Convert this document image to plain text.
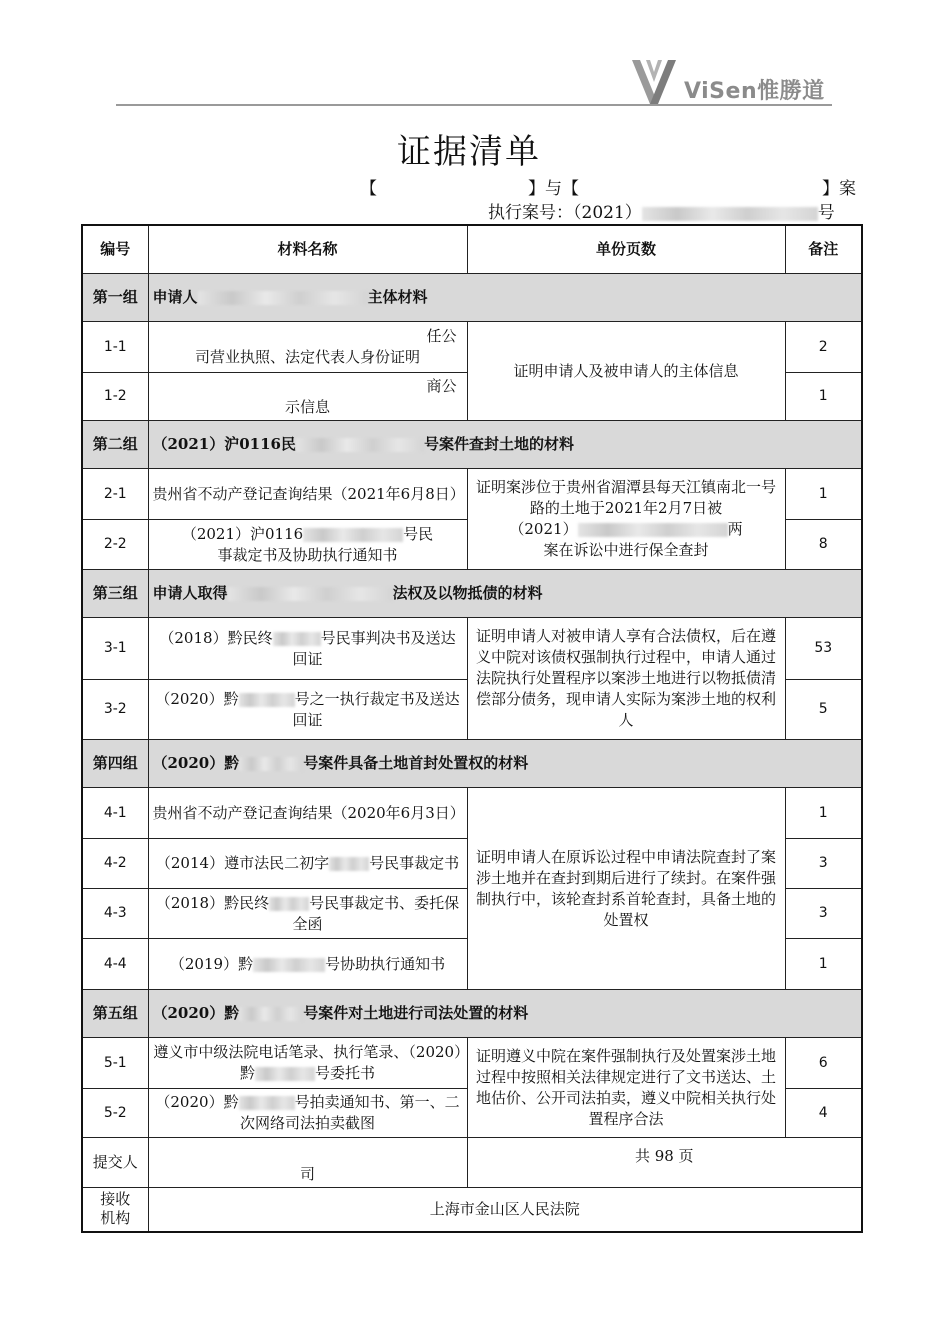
ViSen惟勝道
证据清单
【	】与【	】案
执行案号：（2021）	号
编号	材料名称	单份页数	备注
第一组	申请人 主体材料		
1-1	任公
司营业执照、法定代表人身份证明	证明申请人及被申请人的主体信息	2
1-2	商公
示信息		1
第二组	（2021）沪0116民 号案件查封土地的材料		
2-1	贵州省不动产登记查询结果（2021年6月8日）	证明案涉位于贵州省湄潭县每天江镇南北一号路的土地于2021年2月7日被
（2021） 两
案在诉讼中进行保全查封	1
2-2	（2021）沪0116 号民
事裁定书及协助执行通知书		8
第三组	申请人取得 法权及以物抵债的材料		
3-1	（2018）黔民终 号民事判决书及送达回证	证明申请人对被申请人享有合法债权，后在遵义中院对该债权强制执行过程中，申请人通过法院执行处置程序以案涉土地进行以物抵债清偿部分债务，现申请人实际为案涉土地的权利人	53
3-2	（2020）黔 号之一执行裁定书及送达回证		5
第四组	（2020）黔 号案件具备土地首封处置权的材料		
4-1	贵州省不动产登记查询结果（2020年6月3日）	证明申请人在原诉讼过程中申请法院查封了案涉土地并在查封到期后进行了续封。在案件强制执行中，该轮查封系首轮查封，具备土地的处置权	1
4-2	（2014）遵市法民二初字 号民事裁定书		3
4-3	（2018）黔民终 号民事裁定书、委托保全函		3
4-4	（2019）黔 号协助执行通知书		1
第五组	（2020）黔 号案件对土地进行司法处置的材料		
5-1	遵义市中级法院电话笔录、执行笔录、（2020）黔 号委托书	证明遵义中院在案件强制执行及处置案涉土地过程中按照相关法律规定进行了文书送达、土地估价、公开司法拍卖，遵义中院相关执行处置程序合法	6
5-2	（2020）黔 号拍卖通知书、第一、二次网络司法拍卖截图		4
提交人	司	共 98 页	
接收机构	上海市金山区人民法院		
